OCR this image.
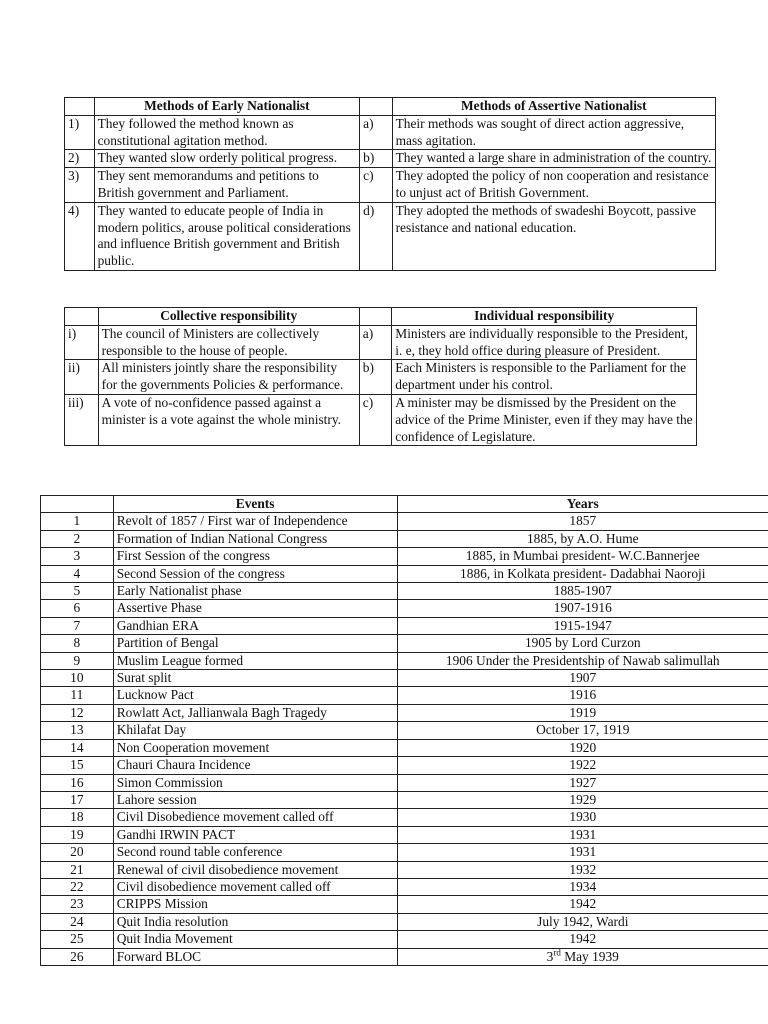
	Methods of Early Nationalist		Methods of Assertive Nationalist
1)	They followed the method known as constitutional agitation method.	a)	Their methods was sought of direct action aggressive, mass agitation.
2)	They wanted slow orderly political progress.	b)	They wanted a large share in administration of the country.
3)	They sent memorandums and petitions to British government and Parliament.	c)	They adopted the policy of non cooperation and resistance to unjust act of British Government.
4)	They wanted to educate people of India in modern politics, arouse political considerations and influence British government and British public.	d)	They adopted the methods of swadeshi Boycott, passive resistance and national education.
	Collective responsibility		Individual responsibility
i)	The council of Ministers are collectively responsible to the house of people.	a)	Ministers are individually responsible to the President, i. e, they hold office during pleasure of President.
ii)	All ministers jointly share the responsibility for the governments Policies & performance.	b)	Each Ministers is responsible to the Parliament for the department under his control.
iii)	A vote of no-confidence passed against a minister is a vote against the whole ministry.	c)	A minister may be dismissed by the President on the advice of the Prime Minister, even if they may have the confidence of Legislature.
	Events	Years
1	Revolt of 1857 / First war of Independence	1857
2	Formation of Indian National Congress	1885, by A.O. Hume
3	First Session of the congress	1885, in Mumbai president- W.C.Bannerjee
4	Second Session of the congress	1886, in Kolkata president- Dadabhai Naoroji
5	Early Nationalist phase	1885-1907
6	Assertive Phase	1907-1916
7	Gandhian ERA	1915-1947
8	Partition of Bengal	1905 by Lord Curzon
9	Muslim League formed	1906 Under the Presidentship of Nawab salimullah
10	Surat split	1907
11	Lucknow Pact	1916
12	Rowlatt Act, Jallianwala Bagh Tragedy	1919
13	Khilafat Day	October 17, 1919
14	Non Cooperation movement	1920
15	Chauri Chaura Incidence	1922
16	Simon Commission	1927
17	Lahore session	1929
18	Civil Disobedience movement called off	1930
19	Gandhi IRWIN PACT	1931
20	Second round table conference	1931
21	Renewal of civil disobedience movement	1932
22	Civil disobedience movement called off	1934
23	CRIPPS Mission	1942
24	Quit India resolution	July 1942, Wardi
25	Quit India Movement	1942
26	Forward BLOC	3rd May 1939
